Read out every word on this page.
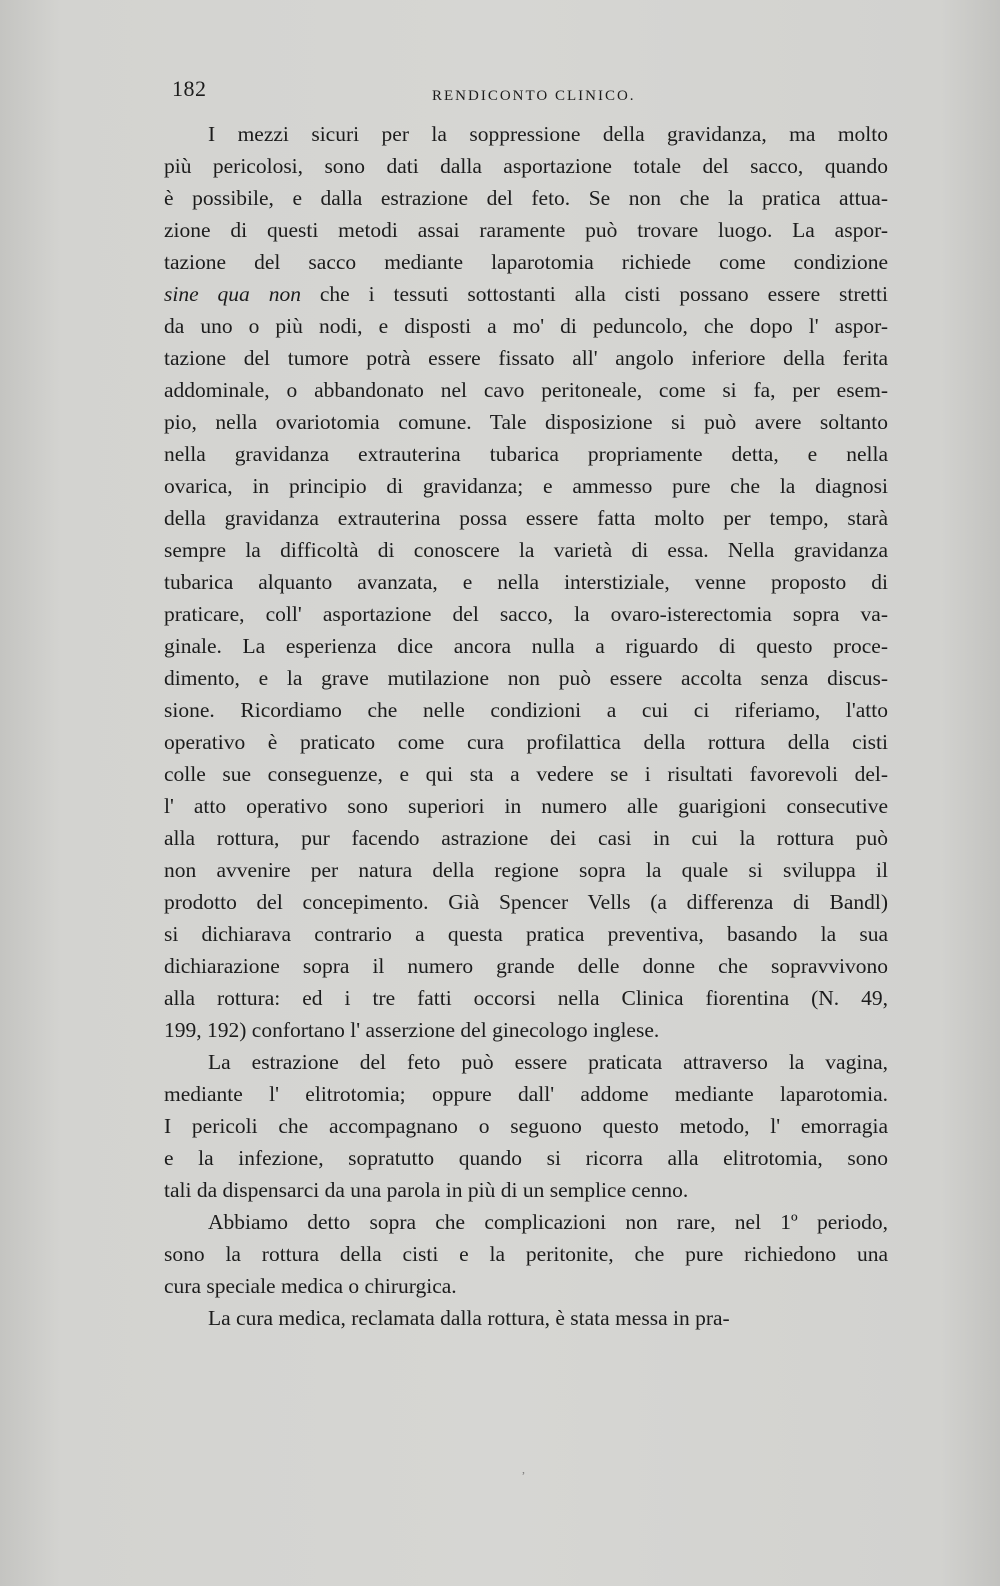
182	RENDICONTO CLINICO.
I mezzi sicuri per la soppressione della gravidanza, ma molto
più pericolosi, sono dati dalla asportazione totale del sacco, quando
è possibile, e dalla estrazione del feto. Se non che la pratica attua-
zione di questi metodi assai raramente può trovare luogo. La aspor-
tazione del sacco mediante laparotomia richiede come condizione
sine qua non che i tessuti sottostanti alla cisti possano essere stretti
da uno o più nodi, e disposti a mo' di peduncolo, che dopo l' aspor-
tazione del tumore potrà essere fissato all' angolo inferiore della ferita
addominale, o abbandonato nel cavo peritoneale, come si fa, per esem-
pio, nella ovariotomia comune. Tale disposizione si può avere soltanto
nella gravidanza extrauterina tubarica propriamente detta, e nella
ovarica, in principio di gravidanza; e ammesso pure che la diagnosi
della gravidanza extrauterina possa essere fatta molto per tempo, starà
sempre la difficoltà di conoscere la varietà di essa. Nella gravidanza
tubarica alquanto avanzata, e nella interstiziale, venne proposto di
praticare, coll' asportazione del sacco, la ovaro-isterectomia sopra va-
ginale. La esperienza dice ancora nulla a riguardo di questo proce-
dimento, e la grave mutilazione non può essere accolta senza discus-
sione. Ricordiamo che nelle condizioni a cui ci riferiamo, l'atto
operativo è praticato come cura profilattica della rottura della cisti
colle sue conseguenze, e qui sta a vedere se i risultati favorevoli del-
l' atto operativo sono superiori in numero alle guarigioni consecutive
alla rottura, pur facendo astrazione dei casi in cui la rottura può
non avvenire per natura della regione sopra la quale si sviluppa il
prodotto del concepimento. Già Spencer Vells (a differenza di Bandl)
si dichiarava contrario a questa pratica preventiva, basando la sua
dichiarazione sopra il numero grande delle donne che sopravvivono
alla rottura: ed i tre fatti occorsi nella Clinica fiorentina (N. 49,
199, 192) confortano l' asserzione del ginecologo inglese.
La estrazione del feto può essere praticata attraverso la vagina,
mediante l' elitrotomia; oppure dall' addome mediante laparotomia.
I pericoli che accompagnano o seguono questo metodo, l' emorragia
e la infezione, sopratutto quando si ricorra alla elitrotomia, sono
tali da dispensarci da una parola in più di un semplice cenno.
Abbiamo detto sopra che complicazioni non rare, nel 1º periodo,
sono la rottura della cisti e la peritonite, che pure richiedono una
cura speciale medica o chirurgica.
La cura medica, reclamata dalla rottura, è stata messa in pra-
,
